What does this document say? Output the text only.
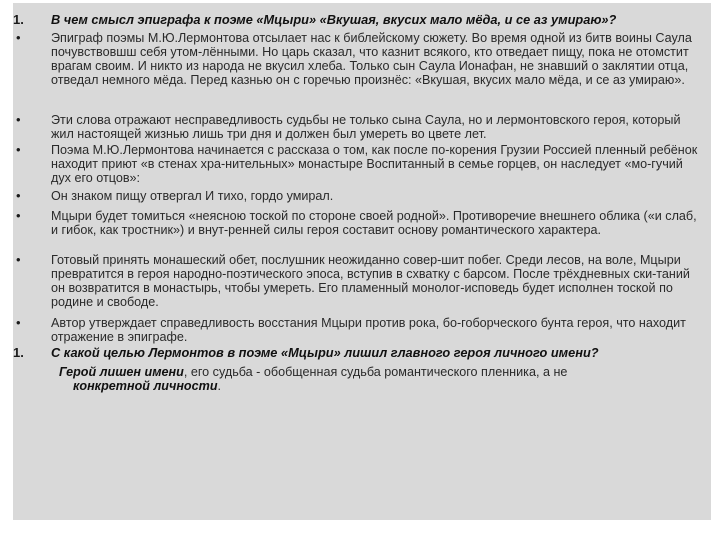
1. В чем смысл эпиграфа к поэме «Мцыри» «Вкушая, вкусих мало мёда, и се аз умираю»?
• Эпиграф поэмы М.Ю.Лермонтова отсылает нас к библейскому сюжету. Во время одной из битв воины Саула почувствовшш себя утом-лёнными. Но царь сказал, что казнит всякого, кто отведает пищу, пока не отомстит врагам своим. И никто из народа не вкусил хлеба. Только сын Саула Ионафан, не знавший о заклятии отца, отведал немного мёда. Перед казнью он с горечью произнёс: «Вкушая, вкусих мало мёда, и се аз умираю».
• Эти слова отражают несправедливость судьбы не только сына Саула, но и лермонтовского героя, который жил настоящей жизнью лишь три дня и должен был умереть во цвете лет.
• Поэма М.Ю.Лермонтова начинается с рассказа о том, как после по-корения Грузии Россией пленный ребёнок находит приют «в стенах хра-нительных» монастыре Воспитанный в семье горцев, он наследует «мо-гучий дух его отцов»:
• Он знаком пищу отвергал И тихо, гордо умирал.
• Мцыри будет томиться «неясною тоской по стороне своей родной». Противоречие внешнего облика («и слаб, и гибок, как тростник») и внут-ренней силы героя составит основу романтического характера.
• Готовый принять монашеский обет, послушник неожиданно совер-шит побег. Среди лесов, на воле, Мцыри превратится в героя народно-поэтического эпоса, вступив в схватку с барсом. После трёхдневных ски-таний он возвратится в монастырь, чтобы умереть. Его пламенный монолог-исповедь будет исполнен тоской по родине и свободе.
• Автор утверждает справедливость восстания Мцыри против рока, бо-гоборческого бунта героя, что находит отражение в эпиграфе.
1. С какой целью Лермонтов в поэме «Мцыри» лишил главного героя личного имени?
Герой лишен имени, его судьба - обобщенная судьба романтического пленника, а не
конкретной личности.
